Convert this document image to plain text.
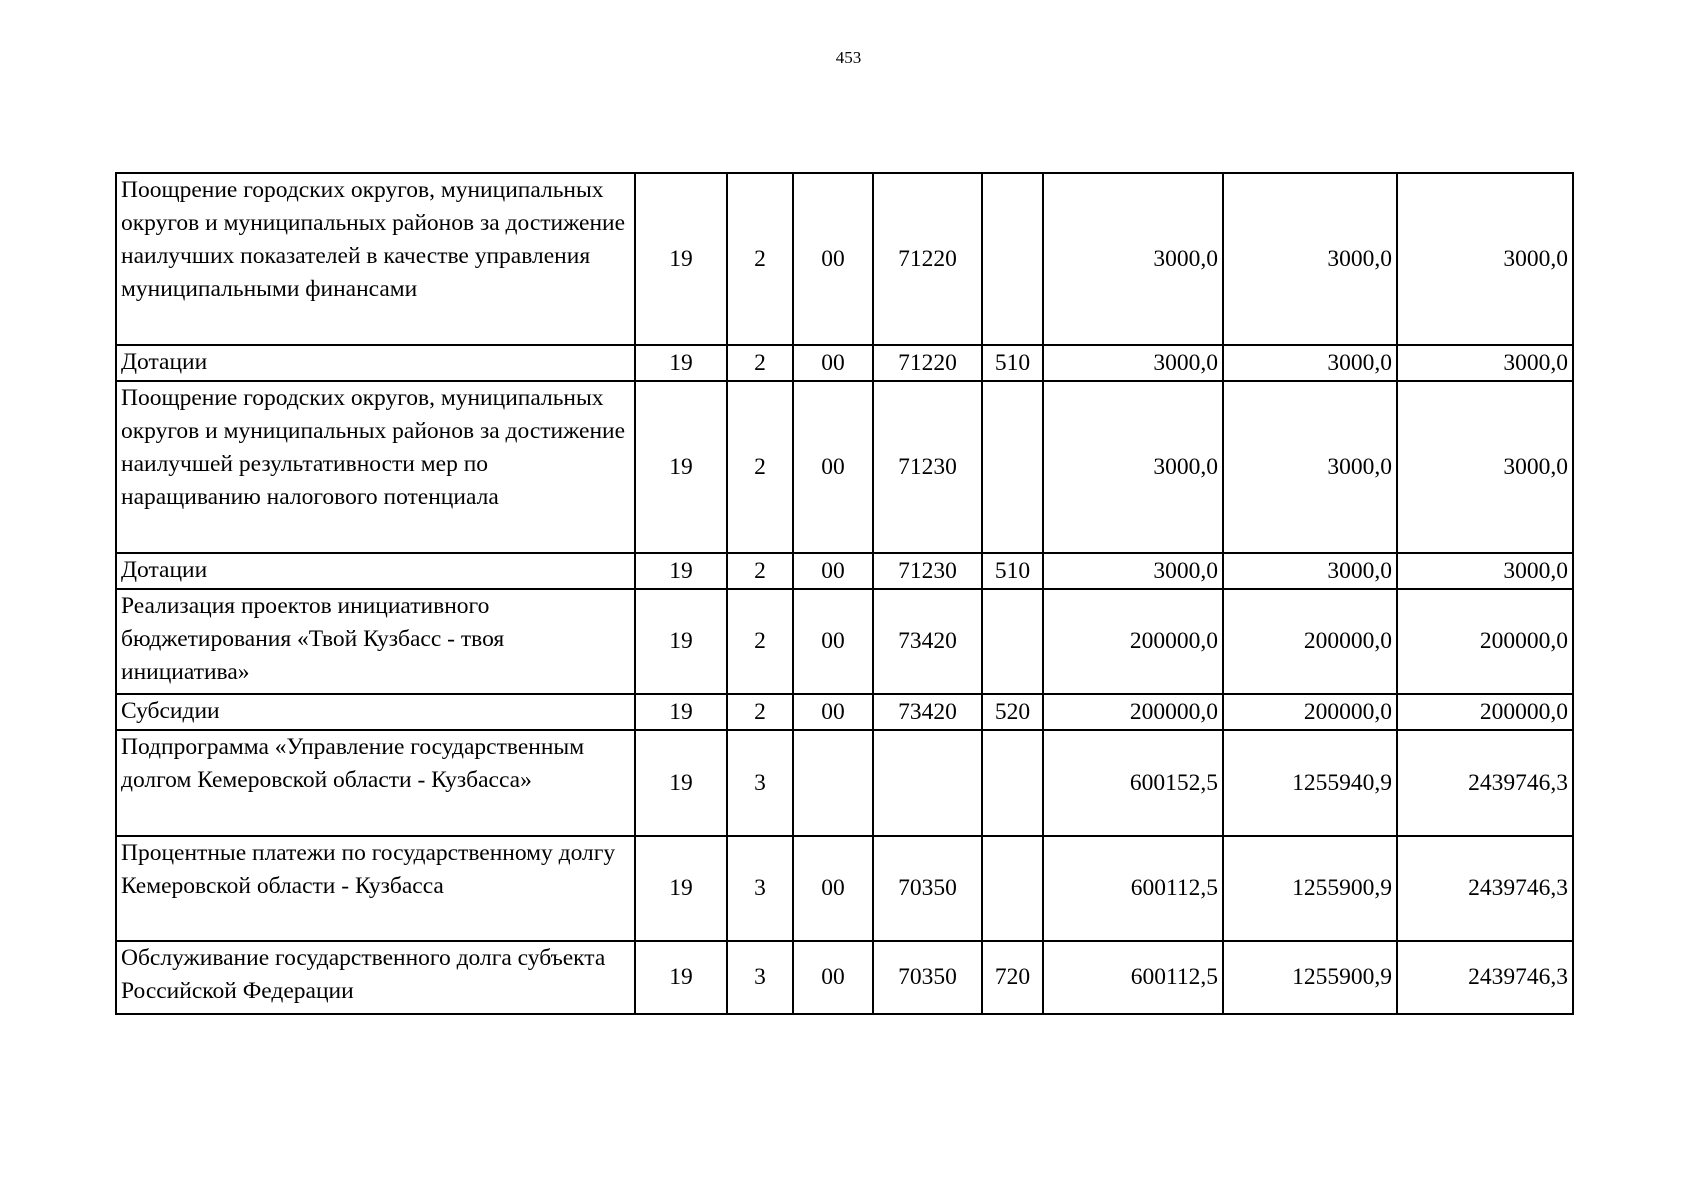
453
Поощрение городских округов, муниципальных округов и муниципальных районов за достижение наилучших показателей в качестве управления муниципальными финансами	19	2	00	71220		3000,0	3000,0	3000,0
Дотации	19	2	00	71220	510	3000,0	3000,0	3000,0
Поощрение городских округов, муниципальных округов и муниципальных районов за достижение наилучшей результативности мер по наращиванию налогового потенциала	19	2	00	71230		3000,0	3000,0	3000,0
Дотации	19	2	00	71230	510	3000,0	3000,0	3000,0
Реализация проектов инициативного бюджетирования «Твой Кузбасс - твоя инициатива»	19	2	00	73420		200000,0	200000,0	200000,0
Субсидии	19	2	00	73420	520	200000,0	200000,0	200000,0
Подпрограмма «Управление государственным долгом Кемеровской области - Кузбасса»	19	3				600152,5	1255940,9	2439746,3
Процентные платежи по государственному долгу Кемеровской области - Кузбасса	19	3	00	70350		600112,5	1255900,9	2439746,3
Обслуживание государственного долга субъекта Российской Федерации	19	3	00	70350	720	600112,5	1255900,9	2439746,3
